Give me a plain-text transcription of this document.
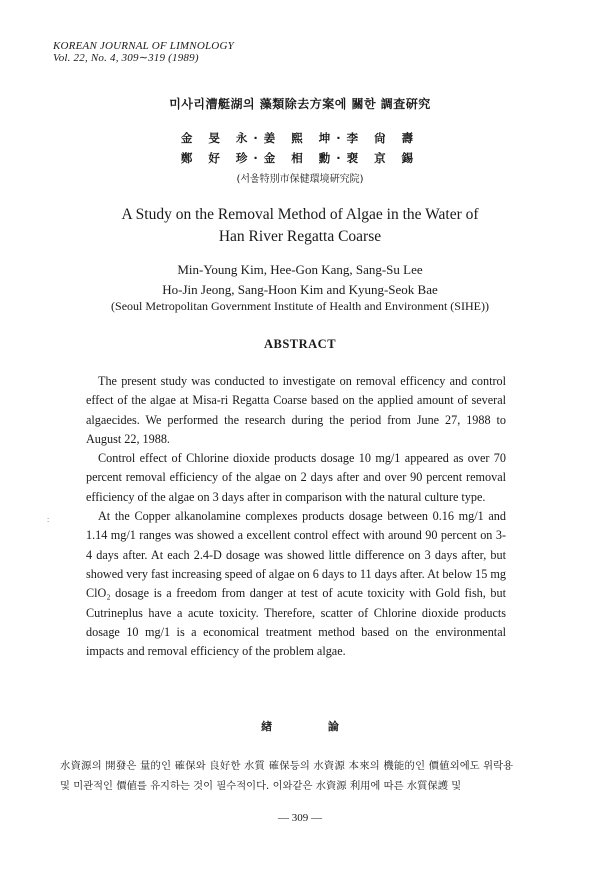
KOREAN JOURNAL OF LIMNOLOGY
Vol. 22, No. 4, 309∼319 (1989)
미사리漕艇湖의 藻類除去方案에 關한 調査硏究
金 旻 永·姜 熙 坤·李 尙 壽
鄭 好 珍·金 相 勳·裵 京 錫
(서울特別市保健環境硏究院)
A Study on the Removal Method of Algae in the Water of
Han River Regatta Coarse
Min-Young Kim, Hee-Gon Kang, Sang-Su Lee
Ho-Jin Jeong, Sang-Hoon Kim and Kyung-Seok Bae
(Seoul Metropolitan Government Institute of Health and Environment (SIHE))
ABSTRACT

The present study was conducted to investigate on removal efficency and control effect of the algae at Misa-ri Regatta Coarse based on the applied amount of several algaecides. We performed the research during the period from June 27, 1988 to August 22, 1988.

Control effect of Chlorine dioxide products dosage 10 mg/1 appeared as over 70 percent removal efficiency of the algae on 2 days after and over 90 percent removal efficiency of the algae on 3 days after in comparison with the natural culture type.

At the Copper alkanolamine complexes products dosage between 0.16 mg/1 and 1.14 mg/1 ranges was showed a excellent control effect with around 90 percent on 3-4 days after. At each 2.4-D dosage was showed little difference on 3 days after, but showed very fast increasing speed of algae on 6 days to 11 days after. At below 15 mg ClO₂ dosage is a freedom from danger at test of acute toxicity with Gold fish, but Cutrineplus have a acute toxicity. Therefore, scatter of Chlorine dioxide products dosage 10 mg/1 is a economical treatment method based on the environmental impacts and removal efficiency of the problem algae.

:
緖 論
水資源의 開發은 量的인 確保와 良好한 水質 確保등의 水資源 本來의 機能的인 價値외에도 위락용 및 미관적인 價値를 유지하는 것이 필수적이다. 이와같은 水資源 利用에 따른 水質保護 및
— 309 —
